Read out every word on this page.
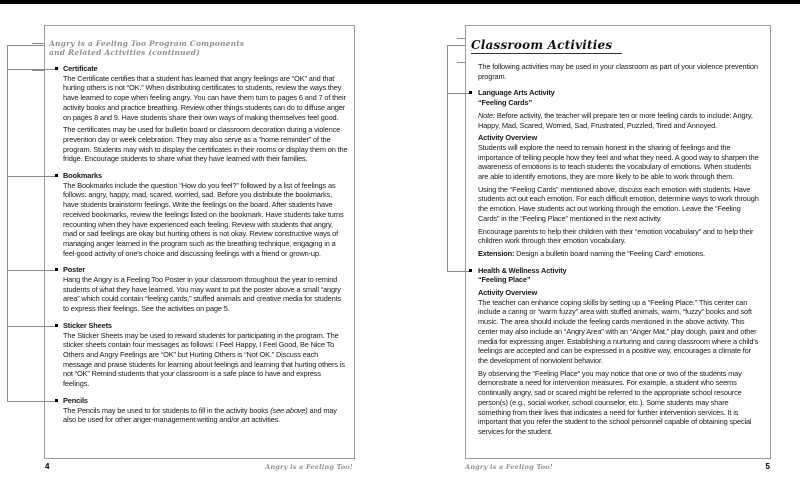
Angry is a Feeling Too Program Components
and Related Activities (continued)
Certificate
The Certificate certifies that a student has learned that angry feelings are “OK” and that hurting others is not “OK.” When distributing certificates to students, review the ways they have learned to cope when feeling angry. You can have them turn to pages 6 and 7 of their activity books and practice breathing. Review other things students can do to diffuse anger on pages 8 and 9. Have students share their own ways of making themselves feel good.
The certificates may be used for bulletin board or classroom decoration during a violence prevention day or week celebration. They may also serve as a “home reminder” of the program. Students may wish to display the certificates in their rooms or display them on the fridge. Encourage students to share what they have learned with their families.
Bookmarks
The Bookmarks include the question “How do you feel?” followed by a list of feelings as follows: angry, happy, mad, scared, worried, sad. Before you distribute the bookmarks, have students brainstorm feelings. Write the feelings on the board. After students have received bookmarks, review the feelings listed on the bookmark. Have students take turns recounting when they have experienced each feeling. Review with students that angry, mad or sad feelings are okay but hurting others is not okay. Review constructive ways of managing anger learned in the program such as the breathing technique, engaging in a feel-good activity of one's choice and discussing feelings with a friend or grown-up.
Poster
Hang the Angry is a Feeling Too Poster in your classroom throughout the year to remind students of what they have learned. You may want to put the poster above a small “angry area” which could contain “feeling cards,” stuffed animals and creative media for students to express their feelings. See the activities on page 5.
Sticker Sheets
The Sticker Sheets may be used to reward students for participating in the program. The sticker sheets contain four messages as follows: I Feel Happy, I Feel Good, Be Nice To Others and Angry Feelings are “OK” but Hurting Others is “Not OK.” Discuss each message and praise students for learning about feelings and learning that hurting others is not “OK” Remind students that your classroom is a safe place to have and express feelings.
Pencils
The Pencils may be used to for students to fill in the activity books (see above) and may also be used for other anger-management writing and/or art activities.
4	Angry is a Feeling Too!
Classroom Activities
The following activities may be used in your classroom as part of your violence prevention program.
Language Arts Activity
“Feeling Cards”
Note: Before activity, the teacher will prepare ten or more feeling cards to include: Angry, Happy, Mad, Scared, Worried, Sad, Frustrated, Puzzled, Tired and Annoyed.
Activity Overview
Students will explore the need to remain honest in the sharing of feelings and the importance of telling people how they feel and what they need. A good way to sharpen the awareness of emotions is to teach students the vocabulary of emotions. When students are able to identify emotions, they are more likely to be able to work through them.
Using the “Feeling Cards” mentioned above, discuss each emotion with students. Have students act out each emotion. For each difficult emotion, determine ways to work through the emotion. Have students act out working through the emotion. Leave the “Feeling Cards” in the “Feeling Place” mentioned in the next activity.
Encourage parents to help their children with their “emotion vocabulary” and to help their children work through their emotion vocabulary.
Extension: Design a bulletin board naming the “Feeling Card” emotions.
Health & Wellness Activity
“Feeling Place”
Activity Overview
The teacher can enhance coping skills by setting up a “Feeling Place.” This center can include a caring or “warm fuzzy” area with stuffed animals, warm, “fuzzy” books and soft music. The area should include the feeling cards mentioned in the above activity. This center may also include an “Angry Area” with an “Anger Mat,” play dough, paint and other media for expressing anger. Establishing a nurturing and caring classroom where a child's feelings are accepted and can be expressed in a positive way, encourages a climate for the development of nonviolent behavior.
By observing the “Feeling Place” you may notice that one or two of the students may demonstrate a need for intervention measures. For example, a student who seems continually angry, sad or scared might be referred to the appropriate school resource person(s) (e.g., social worker, school counselor, etc.). Some students may share something from their lives that indicates a need for further intervention services. It is important that you refer the student to the school personnel capable of obtaining special services for the student.
Angry is a Feeling Too!	5
